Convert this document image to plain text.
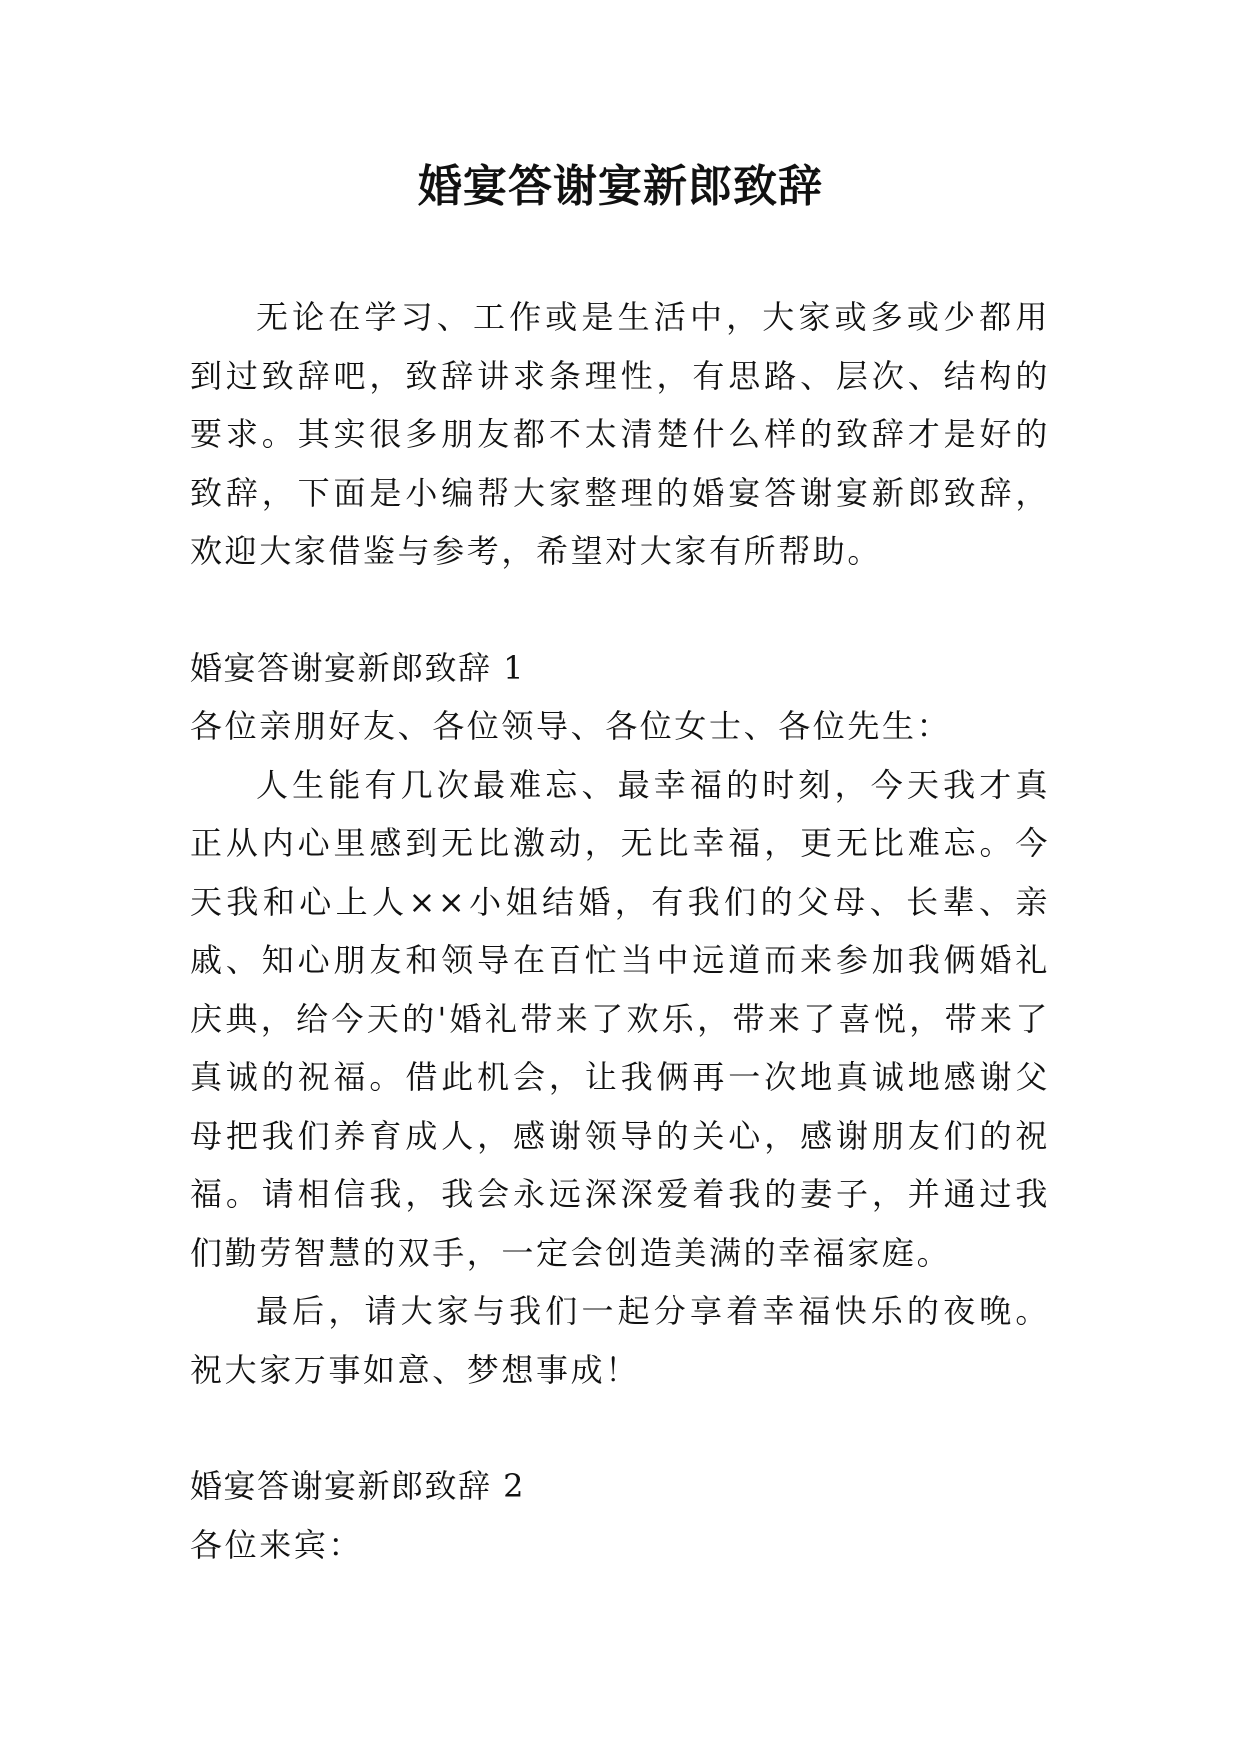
婚宴答谢宴新郎致辞

无论在学习、工作或是生活中，大家或多或少都用到过致辞吧，致辞讲求条理性，有思路、层次、结构的要求。其实很多朋友都不太清楚什么样的致辞才是好的致辞，下面是小编帮大家整理的婚宴答谢宴新郎致辞，欢迎大家借鉴与参考，希望对大家有所帮助。

婚宴答谢宴新郎致辞 1

各位亲朋好友、各位领导、各位女士、各位先生：

人生能有几次最难忘、最幸福的时刻，今天我才真正从内心里感到无比激动，无比幸福，更无比难忘。今天我和心上人××小姐结婚，有我们的父母、长辈、亲戚、知心朋友和领导在百忙当中远道而来参加我俩婚礼庆典，给今天的'婚礼带来了欢乐，带来了喜悦，带来了真诚的祝福。借此机会，让我俩再一次地真诚地感谢父母把我们养育成人，感谢领导的关心，感谢朋友们的祝福。请相信我，我会永远深深爱着我的妻子，并通过我们勤劳智慧的双手，一定会创造美满的幸福家庭。

最后，请大家与我们一起分享着幸福快乐的夜晚。祝大家万事如意、梦想事成！

婚宴答谢宴新郎致辞 2

各位来宾：
